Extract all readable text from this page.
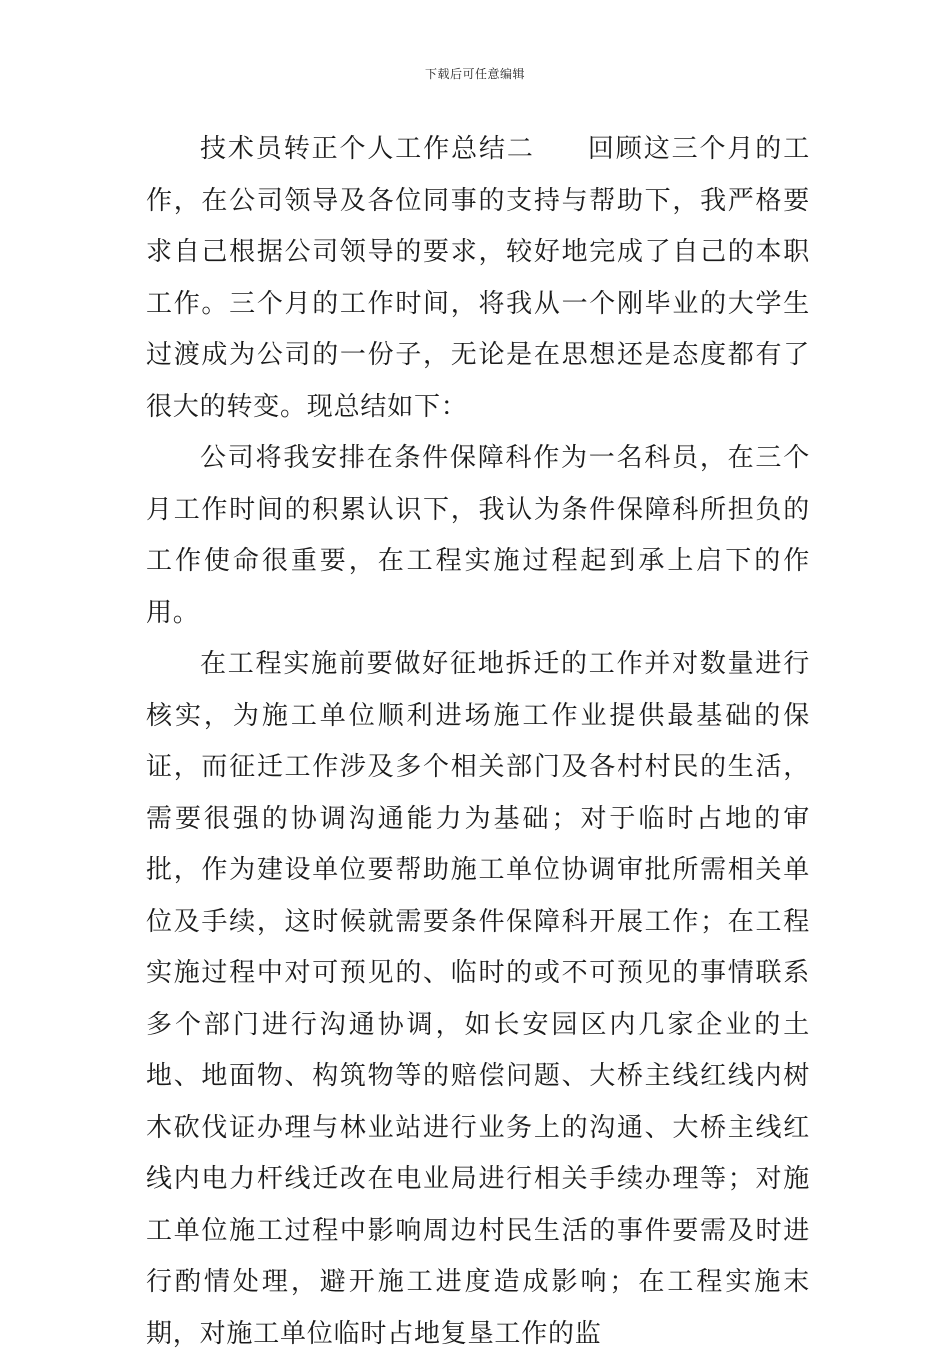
下载后可任意编辑

技术员转正个人工作总结二 回顾这三个月的工作，在公司领导及各位同事的支持与帮助下，我严格要求自己根据公司领导的要求，较好地完成了自己的本职工作。三个月的工作时间，将我从一个刚毕业的大学生过渡成为公司的一份子，无论是在思想还是态度都有了很大的转变。现总结如下：

公司将我安排在条件保障科作为一名科员，在三个月工作时间的积累认识下，我认为条件保障科所担负的工作使命很重要，在工程实施过程起到承上启下的作用。

在工程实施前要做好征地拆迁的工作并对数量进行核实，为施工单位顺利进场施工作业提供最基础的保证，而征迁工作涉及多个相关部门及各村村民的生活，需要很强的协调沟通能力为基础；对于临时占地的审批，作为建设单位要帮助施工单位协调审批所需相关单位及手续，这时候就需要条件保障科开展工作；在工程实施过程中对可预见的、临时的或不可预见的事情联系多个部门进行沟通协调，如长安园区内几家企业的土地、地面物、构筑物等的赔偿问题、大桥主线红线内树木砍伐证办理与林业站进行业务上的沟通、大桥主线红线内电力杆线迁改在电业局进行相关手续办理等；对施工单位施工过程中影响周边村民生活的事件要需及时进行酌情处理，避开施工进度造成影响；在工程实施末期，对施工单位临时占地复垦工作的监
